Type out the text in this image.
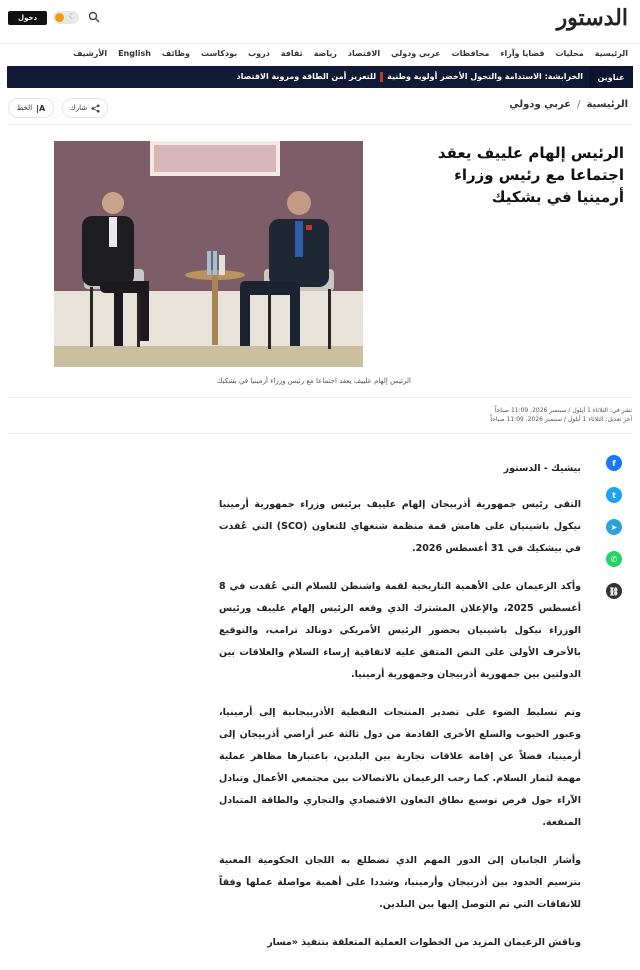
الدستور
دخول	☾
الرئيسية
محليات
قضايا وآراء
محافظات
عربي ودولي
الاقتصاد
رياضة
ثقافة
دروب
بودكاست
وظائف
English
الأرشيف
عناوين
الخرابشة: الاستدامة والتحول الأخضر أولوية وطنيةللتعزيز أمن الطاقة ومرونة الاقتصاد
الرئيسية
/
عربي ودولي
شارك
A|
الخط
الرئيس إلهام علييف يعقد اجتماعا مع رئيس وزراء أرمينيا في بشكيك
الرئيس إلهام علييف يعقد اجتماعا مع رئيس وزراء أرمينيا في بشكيك
نشر في: الثلاثاء 1 أيلول / سبتمبر 2026. 11:09 صباحاً
آخر تعديل: الثلاثاء 1 أيلول / سبتمبر 2026. 11:09 صباحاً
f
t
➤
✆
⛓
بيشيك - الدستور

التقى رئيس جمهورية أذربيجان إلهام علييف برئيس وزراء جمهورية أرمينيا نيكول باشينيان على هامش قمة منظمة شنغهاي للتعاون (SCO) التي عُقدت في بيشكيك في 31 أغسطس 2026.

وأكد الزعيمان على الأهمية التاريخية لقمة واشنطن للسلام التي عُقدت في 8 أغسطس 2025، والإعلان المشترك الذي وقعه الرئيس إلهام علييف ورئيس الوزراء نيكول باشينيان بحضور الرئيس الأمريكي دونالد ترامب، والتوقيع بالأحرف الأولى على النص المتفق عليه لاتفاقية إرساء السلام والعلاقات بين الدولتين بين جمهورية أذربيجان وجمهورية أرمينيا.

وتم تسليط الضوء على تصدير المنتجات النفطية الأذربيجانية إلى أرمينيا، وعبور الحبوب والسلع الأخرى القادمة من دول ثالثة عبر أراضي أذربيجان إلى أرمينيا، فضلاً عن إقامة علاقات تجارية بين البلدين، باعتبارها مظاهر عملية مهمة لثمار السلام. كما رحب الزعيمان بالاتصالات بين مجتمعي الأعمال وتبادل الآراء حول فرص توسيع نطاق التعاون الاقتصادي والتجاري والطاقة المتبادل المنفعة.

وأشار الجانبان إلى الدور المهم الذي تضطلع به اللجان الحكومية المعنية بترسيم الحدود بين أذربيجان وأرمينيا، وشددا على أهمية مواصلة عملها وفقاً للاتفاقات التي تم التوصل إليها بين البلدين.

وناقش الزعيمان المزيد من الخطوات العملية المتعلقة بتنفيذ «مسار
